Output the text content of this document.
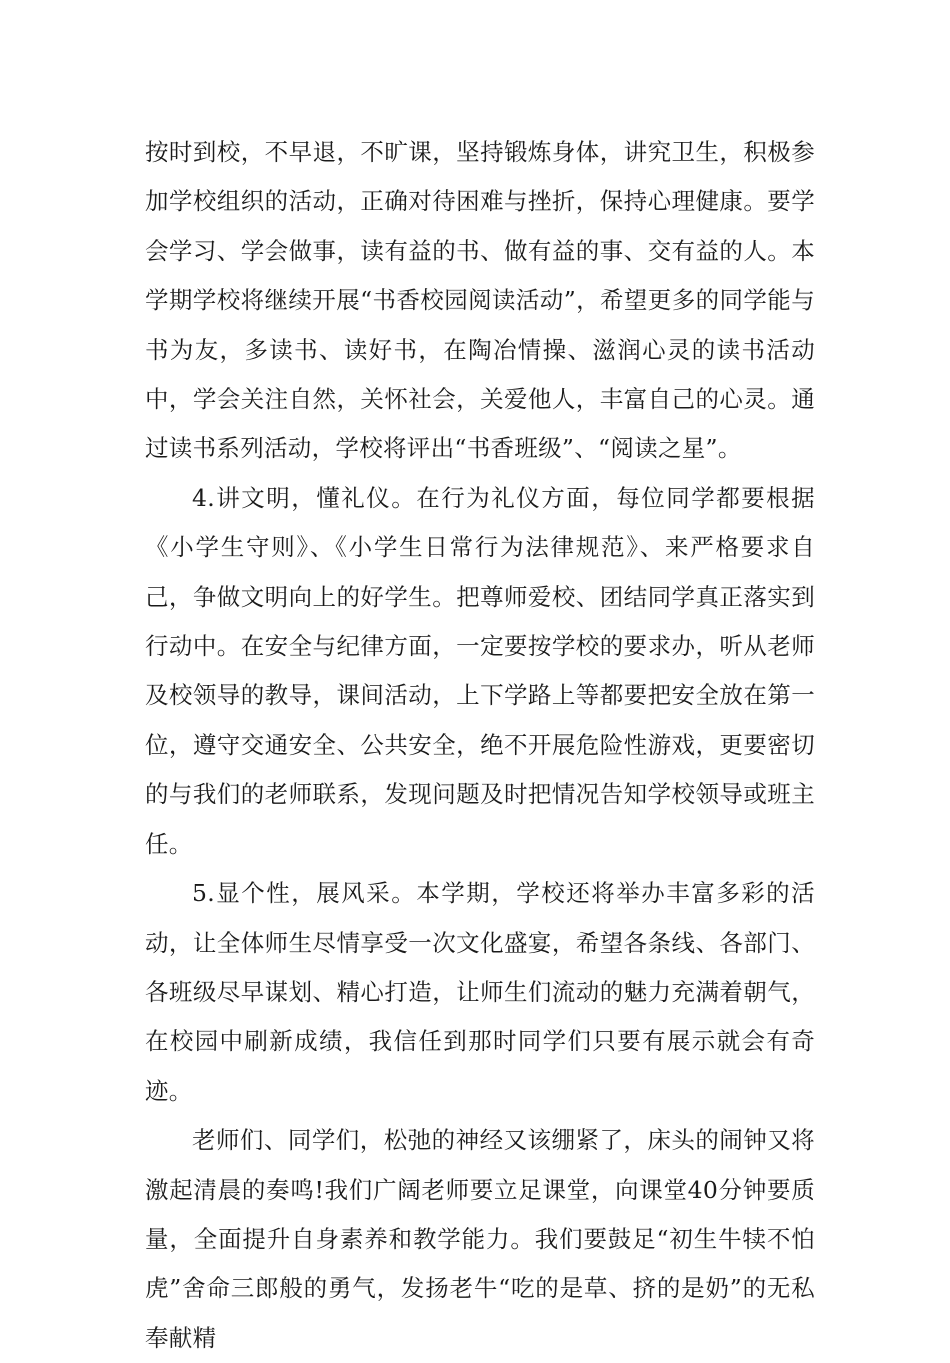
按时到校，不早退，不旷课，坚持锻炼身体，讲究卫生，积极参加学校组织的活动，正确对待困难与挫折，保持心理健康。要学会学习、学会做事，读有益的书、做有益的事、交有益的人。本学期学校将继续开展“书香校园阅读活动”，希望更多的同学能与书为友，多读书、读好书，在陶冶情操、滋润心灵的读书活动中，学会关注自然，关怀社会，关爱他人，丰富自己的心灵。通过读书系列活动，学校将评出“书香班级”、“阅读之星”。

4.讲文明，懂礼仪。在行为礼仪方面，每位同学都要根据《小学生守则》、《小学生日常行为法律规范》、来严格要求自己，争做文明向上的好学生。把尊师爱校、团结同学真正落实到行动中。在安全与纪律方面，一定要按学校的要求办，听从老师及校领导的教导，课间活动，上下学路上等都要把安全放在第一位，遵守交通安全、公共安全，绝不开展危险性游戏，更要密切的与我们的老师联系，发现问题及时把情况告知学校领导或班主任。

5.显个性，展风采。本学期，学校还将举办丰富多彩的活动，让全体师生尽情享受一次文化盛宴，希望各条线、各部门、各班级尽早谋划、精心打造，让师生们流动的魅力充满着朝气，在校园中刷新成绩，我信任到那时同学们只要有展示就会有奇迹。

老师们、同学们，松弛的神经又该绷紧了，床头的闹钟又将激起清晨的奏鸣!我们广阔老师要立足课堂，向课堂40分钟要质量，全面提升自身素养和教学能力。我们要鼓足“初生牛犊不怕虎”舍命三郎般的勇气，发扬老牛“吃的是草、挤的是奶”的无私奉献精
